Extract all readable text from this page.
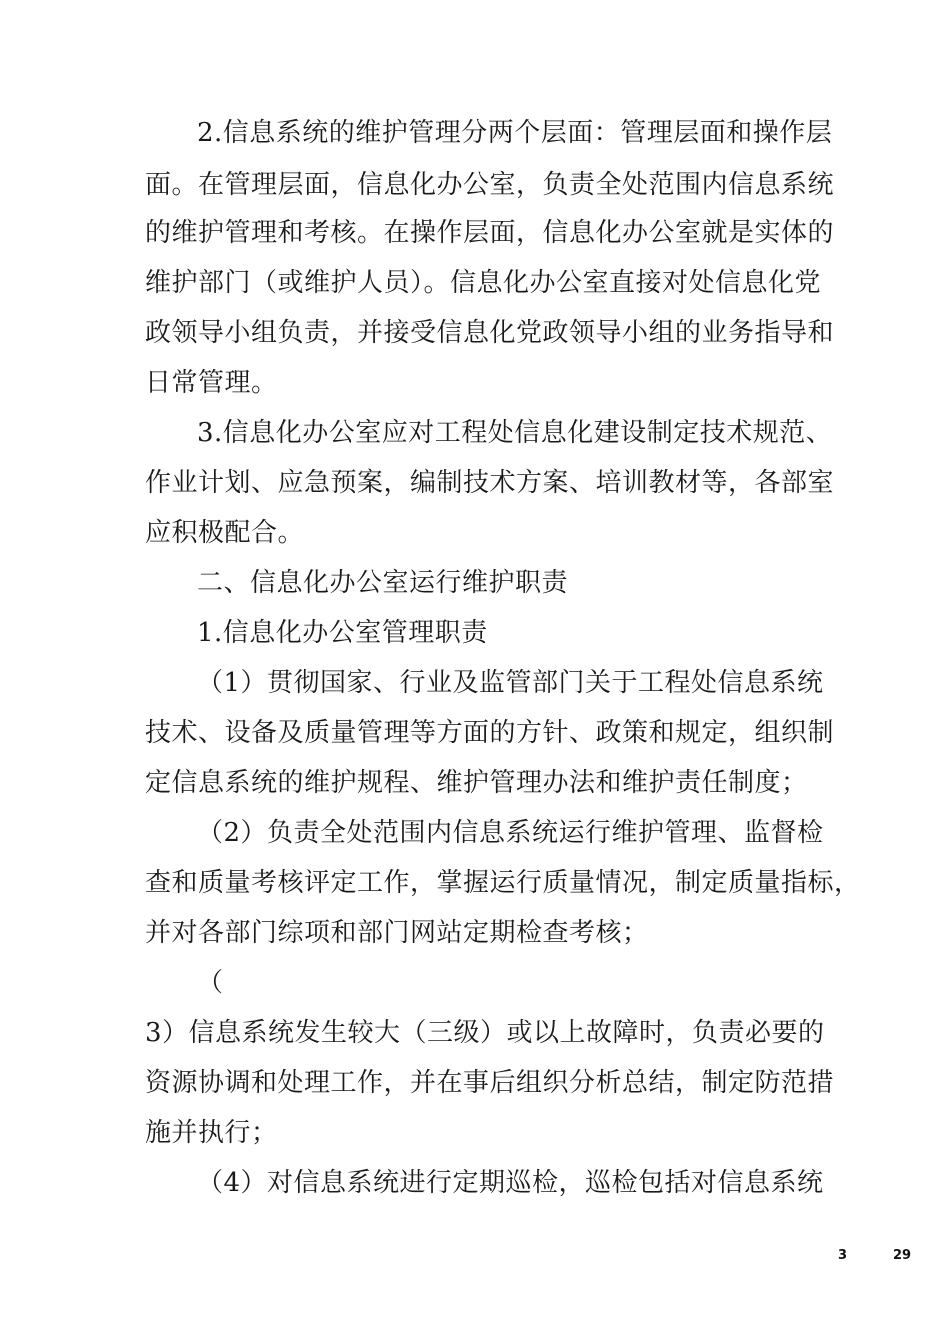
2.信息系统的维护管理分两个层面：管理层面和操作层
面。在管理层面，信息化办公室，负责全处范围内信息系统
的维护管理和考核。在操作层面，信息化办公室就是实体的
维护部门（或维护人员）。信息化办公室直接对处信息化党
政领导小组负责，并接受信息化党政领导小组的业务指导和
日常管理。
3.信息化办公室应对工程处信息化建设制定技术规范、
作业计划、应急预案，编制技术方案、培训教材等，各部室
应积极配合。
二、信息化办公室运行维护职责
1.信息化办公室管理职责
（1）贯彻国家、行业及监管部门关于工程处信息系统
技术、设备及质量管理等方面的方针、政策和规定，组织制
定信息系统的维护规程、维护管理办法和维护责任制度；
（2）负责全处范围内信息系统运行维护管理、监督检
查和质量考核评定工作，掌握运行质量情况，制定质量指标，
并对各部门综项和部门网站定期检查考核；
（
3）信息系统发生较大（三级）或以上故障时，负责必要的
资源协调和处理工作，并在事后组织分析总结，制定防范措
施并执行；
（4）对信息系统进行定期巡检，巡检包括对信息系统
3	29
